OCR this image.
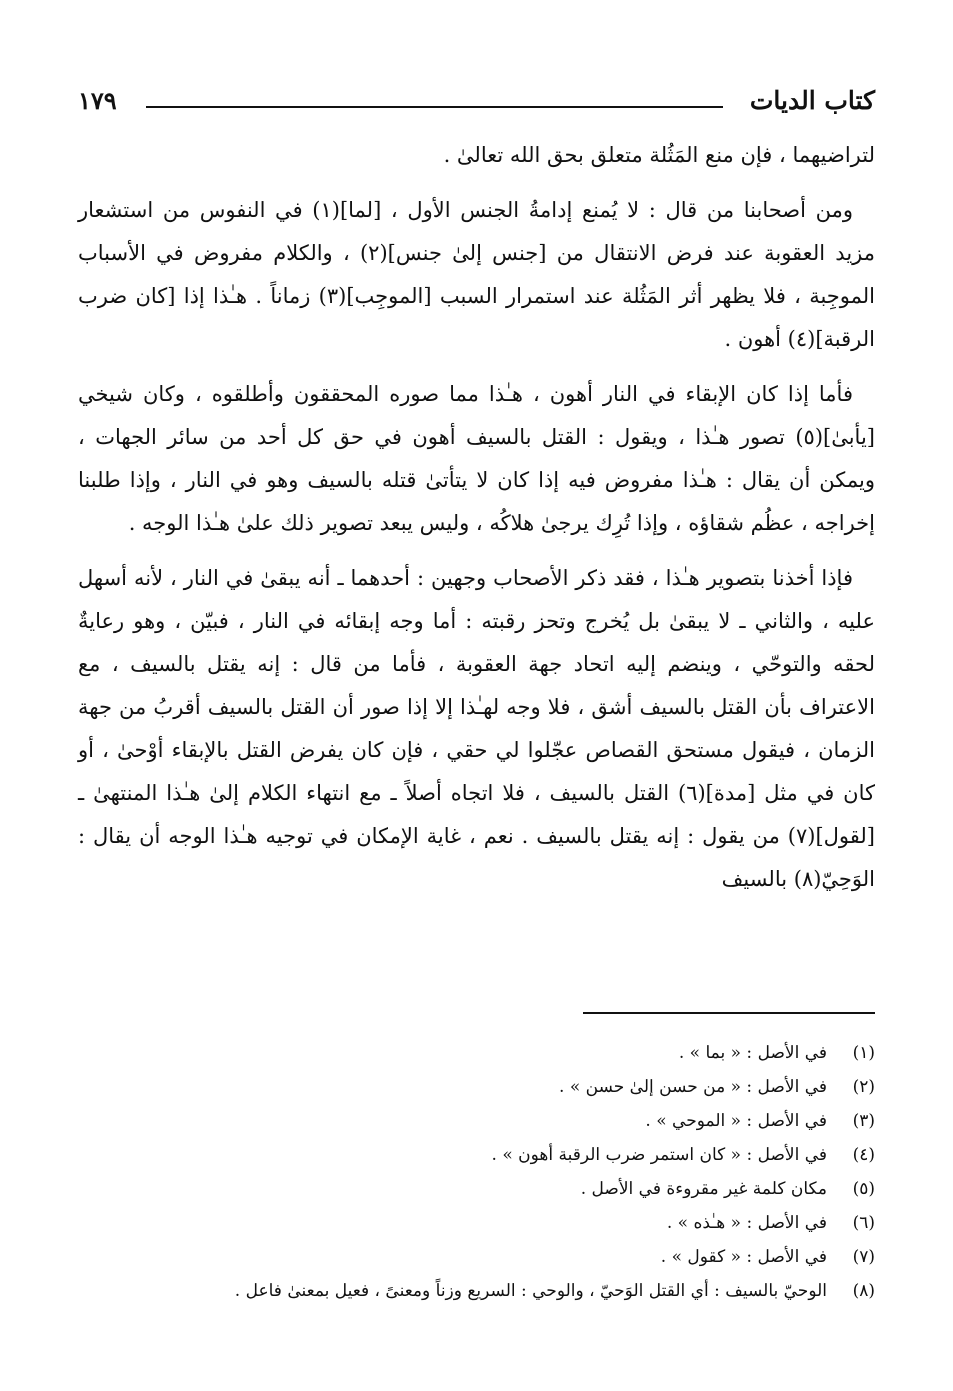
كتاب الديات
١٧٩

لتراضيهما ، فإن منع المَثُلة متعلق بحق الله تعالىٰ .

ومن أصحابنا من قال : لا يُمنع إدامةُ الجنس الأول ، [لما](١) في النفوس من استشعار مزيد العقوبة عند فرض الانتقال من [جنس إلىٰ جنس](٢) ، والكلام مفروض في الأسباب الموجِبة ، فلا يظهر أثر المَثُلة عند استمرار السبب [الموجِب](٣) زماناً . هـٰذا إذا [كان ضرب الرقبة](٤) أهون .

فأما إذا كان الإبقاء في النار أهون ، هـٰذا مما صوره المحققون وأطلقوه ، وكان شيخي [يأبىٰ](٥) تصور هـٰذا ، ويقول : القتل بالسيف أهون في حق كل أحد من سائر الجهات ، ويمكن أن يقال : هـٰذا مفروض فيه إذا كان لا يتأتىٰ قتله بالسيف وهو في النار ، وإذا طلبنا إخراجه ، عظُم شقاؤه ، وإذا تُرِك يرجىٰ هلاكُه ، وليس يبعد تصوير ذلك علىٰ هـٰذا الوجه .

فإذا أخذنا بتصوير هـٰذا ، فقد ذكر الأصحاب وجهين : أحدهما ـ أنه يبقىٰ في النار ، لأنه أسهل عليه ، والثاني ـ لا يبقىٰ بل يُخرج وتحز رقبته : أما وجه إبقائه في النار ، فبيّن ، وهو رعايةٌ لحقه والتوحّي ، وينضم إليه اتحاد جهة العقوبة ، فأما من قال : إنه يقتل بالسيف ، مع الاعتراف بأن القتل بالسيف أشق ، فلا وجه لهـٰذا إلا إذا صور أن القتل بالسيف أقربُ من جهة الزمان ، فيقول مستحق القصاص عجّلوا لي حقي ، فإن كان يفرض القتل بالإبقاء أوْحىٰ ، أو كان في مثل [مدة](٦) القتل بالسيف ، فلا اتجاه أصلاً ـ مع انتهاء الكلام إلىٰ هـٰذا المنتهىٰ ـ [لقول](٧) من يقول : إنه يقتل بالسيف . نعم ، غاية الإمكان في توجيه هـٰذا الوجه أن يقال : الوَحِيّ(٨) بالسيف

(١)
في الأصل : « بما » .
(٢)
في الأصل : « من حسن إلىٰ حسن » .
(٣)
في الأصل : « الموحي » .
(٤)
في الأصل : « كان استمر ضرب الرقبة أهون » .
(٥)
مكان كلمة غير مقروءة في الأصل .
(٦)
في الأصل : « هـٰذه » .
(٧)
في الأصل : « كقول » .
(٨)
الوحيّ بالسيف : أي القتل الوَحيّ ، والوحي : السريع وزناً ومعنىً ، فعيل بمعنىٰ فاعل .
